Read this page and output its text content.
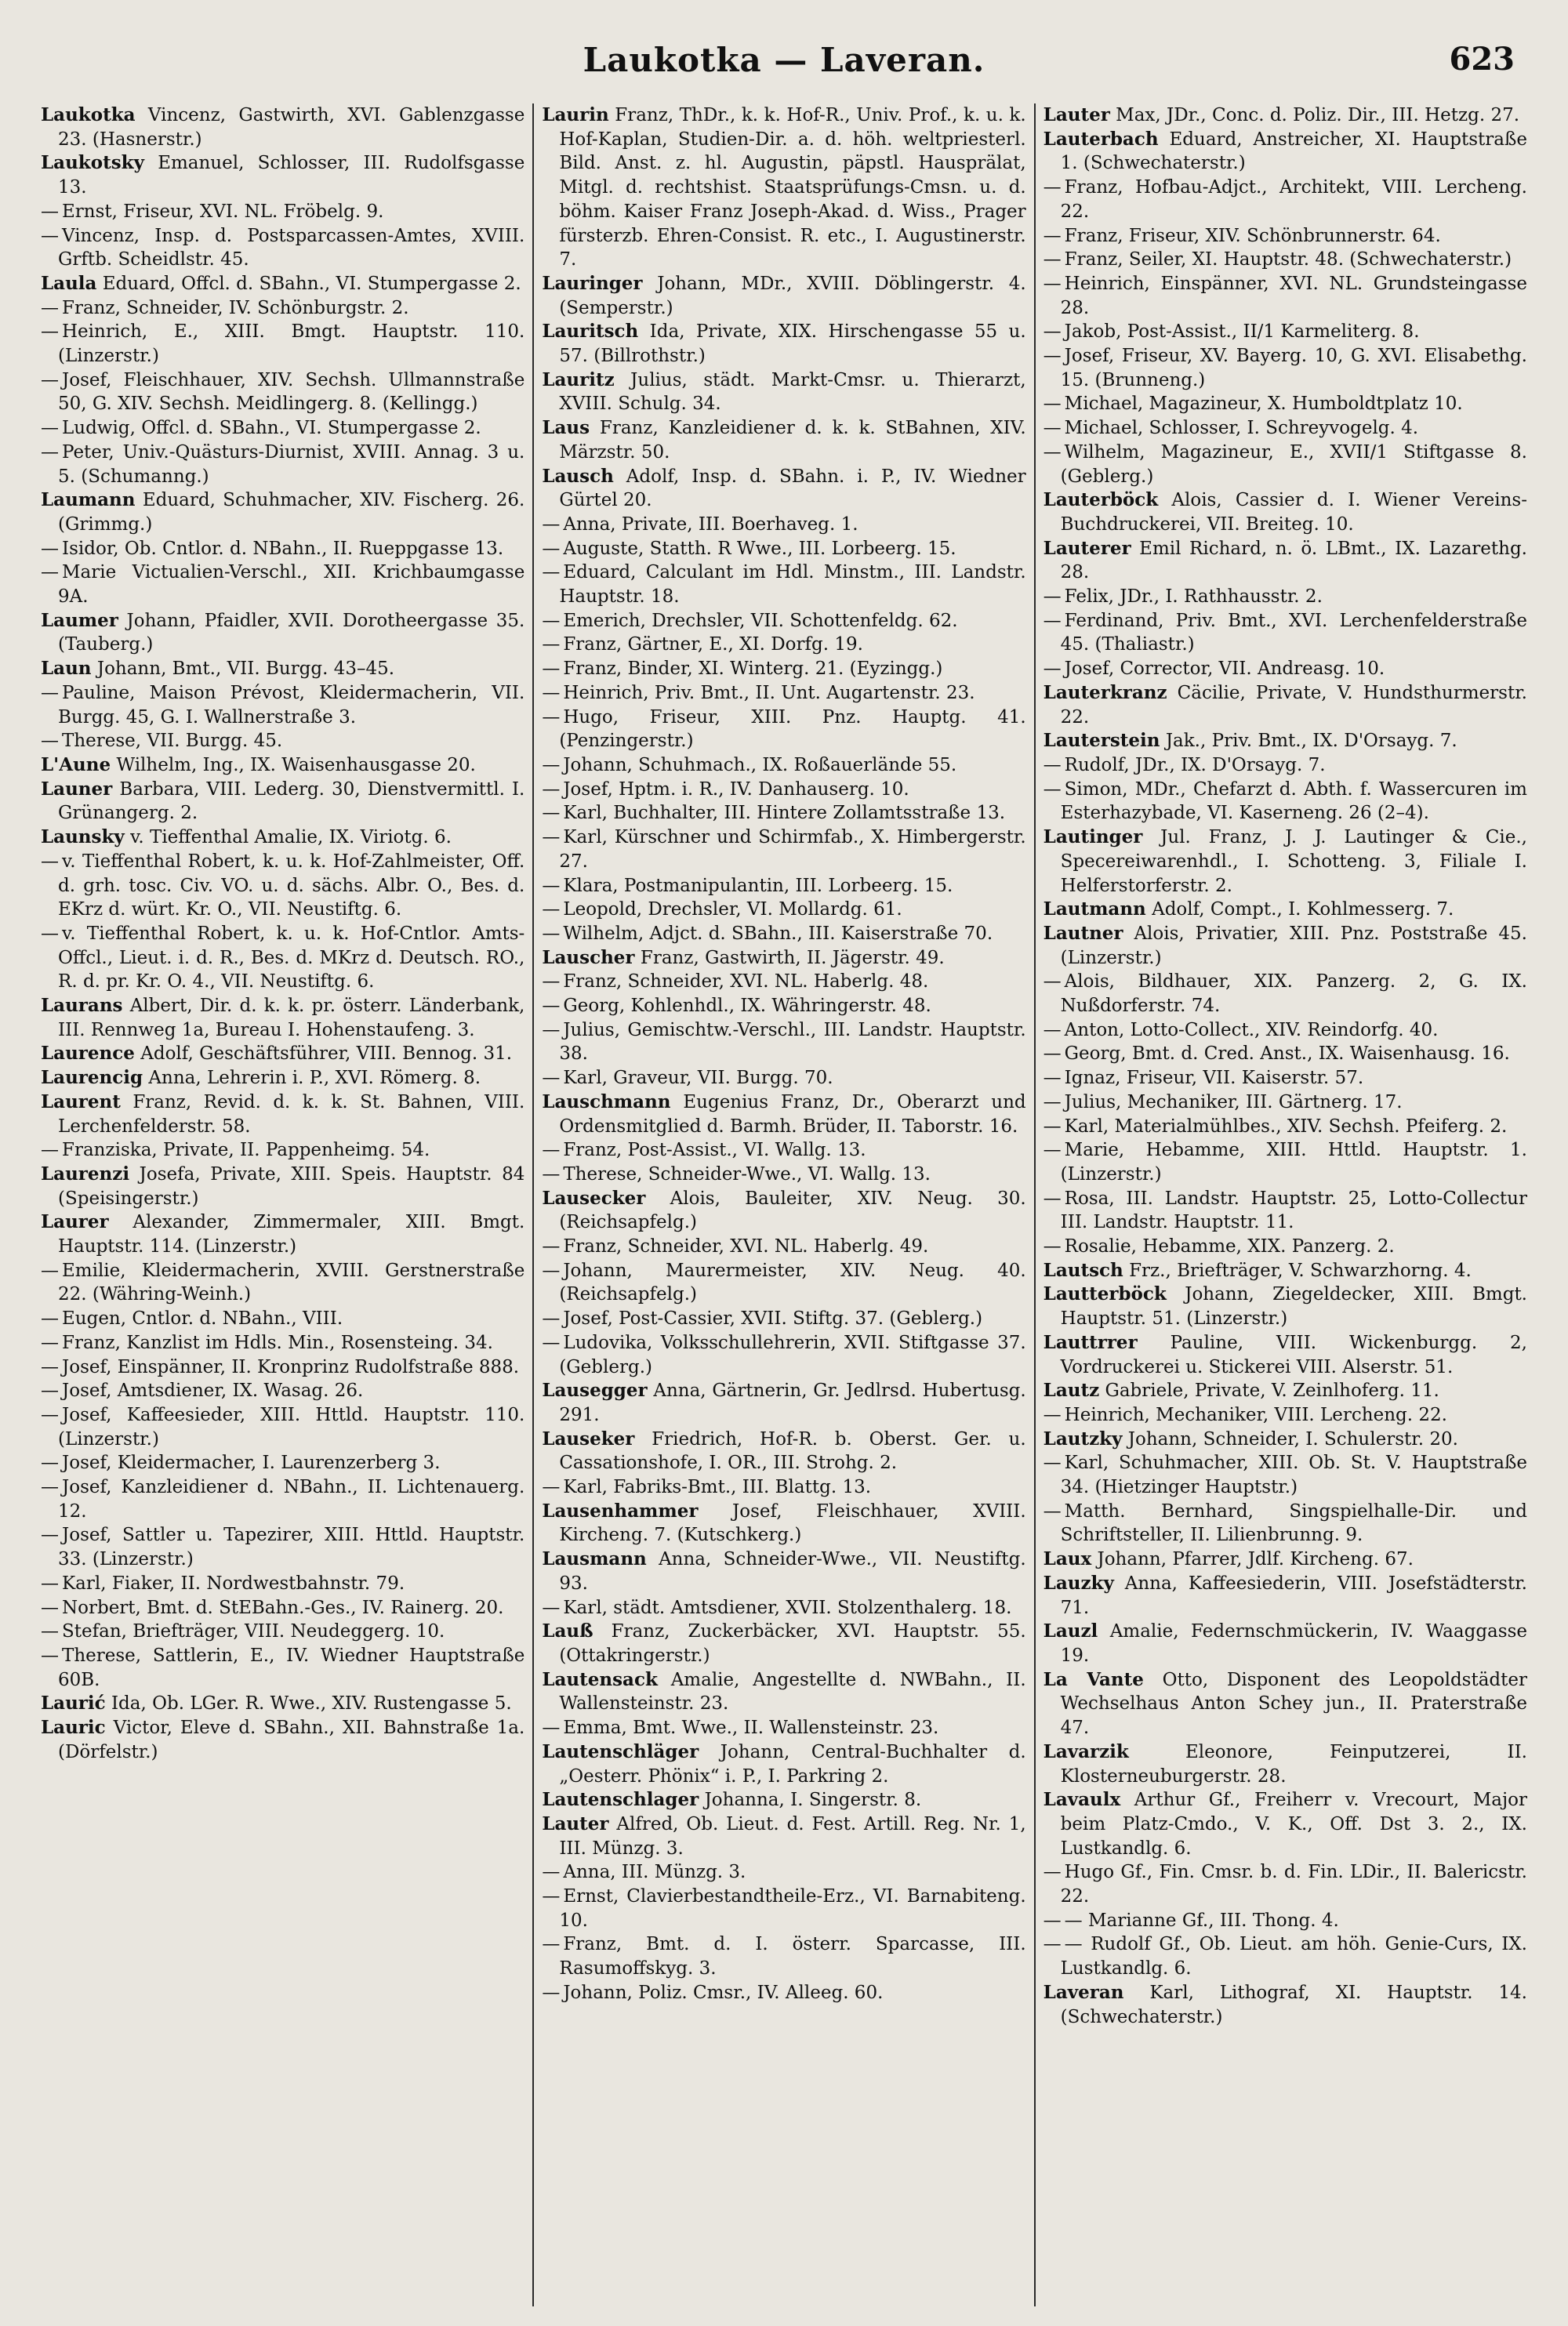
Laukotka — Laveran.	623

Laukotka Vincenz, Gastwirth, XVI. Gablenzgasse 23. (Hasnerstr.)

Laukotsky Emanuel, Schlosser, III. Rudolfsgasse 13.

— Ernst, Friseur, XVI. NL. Fröbelg. 9.

— Vincenz, Insp. d. Postsparcassen-Amtes, XVIII. Grftb. Scheidlstr. 45.

Laula Eduard, Offcl. d. SBahn., VI. Stumpergasse 2.

— Franz, Schneider, IV. Schönburgstr. 2.

— Heinrich, E., XIII. Bmgt. Hauptstr. 110. (Linzerstr.)

— Josef, Fleischhauer, XIV. Sechsh. Ullmannstraße 50, G. XIV. Sechsh. Meidlingerg. 8. (Kellingg.)

— Ludwig, Offcl. d. SBahn., VI. Stumpergasse 2.

— Peter, Univ.-Quästurs-Diurnist, XVIII. Annag. 3 u. 5. (Schumanng.)

Laumann Eduard, Schuhmacher, XIV. Fischerg. 26. (Grimmg.)

— Isidor, Ob. Cntlor. d. NBahn., II. Rueppgasse 13.

— Marie Victualien-Verschl., XII. Krichbaumgasse 9A.

Laumer Johann, Pfaidler, XVII. Dorotheergasse 35. (Tauberg.)

Laun Johann, Bmt., VII. Burgg. 43–45.

— Pauline, Maison Prévost, Kleidermacherin, VII. Burgg. 45, G. I. Wallnerstraße 3.

— Therese, VII. Burgg. 45.

L'Aune Wilhelm, Ing., IX. Waisenhausgasse 20.

Launer Barbara, VIII. Lederg. 30, Dienstvermittl. I. Grünangerg. 2.

Launsky v. Tieffenthal Amalie, IX. Viriotg. 6.

— v. Tieffenthal Robert, k. u. k. Hof-Zahlmeister, Off. d. grh. tosc. Civ. VO. u. d. sächs. Albr. O., Bes. d. EKrz d. würt. Kr. O., VII. Neustiftg. 6.

— v. Tieffenthal Robert, k. u. k. Hof-Cntlor. Amts-Offcl., Lieut. i. d. R., Bes. d. MKrz d. Deutsch. RO., R. d. pr. Kr. O. 4., VII. Neustiftg. 6.

Laurans Albert, Dir. d. k. k. pr. österr. Länderbank, III. Rennweg 1a, Bureau I. Hohenstaufeng. 3.

Laurence Adolf, Geschäftsführer, VIII. Bennog. 31.

Laurencig Anna, Lehrerin i. P., XVI. Römerg. 8.

Laurent Franz, Revid. d. k. k. St. Bahnen, VIII. Lerchenfelderstr. 58.

— Franziska, Private, II. Pappenheimg. 54.

Laurenzi Josefa, Private, XIII. Speis. Hauptstr. 84 (Speisingerstr.)

Laurer Alexander, Zimmermaler, XIII. Bmgt. Hauptstr. 114. (Linzerstr.)

— Emilie, Kleidermacherin, XVIII. Gerstnerstraße 22. (Währing-Weinh.)

— Eugen, Cntlor. d. NBahn., VIII.

— Franz, Kanzlist im Hdls. Min., Rosensteing. 34.

— Josef, Einspänner, II. Kronprinz Rudolfstraße 888.

— Josef, Amtsdiener, IX. Wasag. 26.

— Josef, Kaffeesieder, XIII. Httld. Hauptstr. 110. (Linzerstr.)

— Josef, Kleidermacher, I. Laurenzerberg 3.

— Josef, Kanzleidiener d. NBahn., II. Lichtenauerg. 12.

— Josef, Sattler u. Tapezirer, XIII. Httld. Hauptstr. 33. (Linzerstr.)

— Karl, Fiaker, II. Nordwestbahnstr. 79.

— Norbert, Bmt. d. StEBahn.-Ges., IV. Rainerg. 20.

— Stefan, Briefträger, VIII. Neudeggerg. 10.

— Therese, Sattlerin, E., IV. Wiedner Hauptstraße 60B.

Laurić Ida, Ob. LGer. R. Wwe., XIV. Rustengasse 5.

Lauric Victor, Eleve d. SBahn., XII. Bahnstraße 1a. (Dörfelstr.)

Laurin Franz, ThDr., k. k. Hof-R., Univ. Prof., k. u. k. Hof-Kaplan, Studien-Dir. a. d. höh. weltpriesterl. Bild. Anst. z. hl. Augustin, päpstl. Hausprälat, Mitgl. d. rechtshist. Staatsprüfungs-Cmsn. u. d. böhm. Kaiser Franz Joseph-Akad. d. Wiss., Prager fürsterzb. Ehren-Consist. R. etc., I. Augustinerstr. 7.

Lauringer Johann, MDr., XVIII. Döblingerstr. 4. (Semperstr.)

Lauritsch Ida, Private, XIX. Hirschengasse 55 u. 57. (Billrothstr.)

Lauritz Julius, städt. Markt-Cmsr. u. Thierarzt, XVIII. Schulg. 34.

Laus Franz, Kanzleidiener d. k. k. StBahnen, XIV. Märzstr. 50.

Lausch Adolf, Insp. d. SBahn. i. P., IV. Wiedner Gürtel 20.

— Anna, Private, III. Boerhaveg. 1.

— Auguste, Statth. R Wwe., III. Lorbeerg. 15.

— Eduard, Calculant im Hdl. Minstm., III. Landstr. Hauptstr. 18.

— Emerich, Drechsler, VII. Schottenfeldg. 62.

— Franz, Gärtner, E., XI. Dorfg. 19.

— Franz, Binder, XI. Winterg. 21. (Eyzingg.)

— Heinrich, Priv. Bmt., II. Unt. Augartenstr. 23.

— Hugo, Friseur, XIII. Pnz. Hauptg. 41. (Penzingerstr.)

— Johann, Schuhmach., IX. Roßauerlände 55.

— Josef, Hptm. i. R., IV. Danhauserg. 10.

— Karl, Buchhalter, III. Hintere Zollamtsstraße 13.

— Karl, Kürschner und Schirmfab., X. Himbergerstr. 27.

— Klara, Postmanipulantin, III. Lorbeerg. 15.

— Leopold, Drechsler, VI. Mollardg. 61.

— Wilhelm, Adjct. d. SBahn., III. Kaiserstraße 70.

Lauscher Franz, Gastwirth, II. Jägerstr. 49.

— Franz, Schneider, XVI. NL. Haberlg. 48.

— Georg, Kohlenhdl., IX. Währingerstr. 48.

— Julius, Gemischtw.-Verschl., III. Landstr. Hauptstr. 38.

— Karl, Graveur, VII. Burgg. 70.

Lauschmann Eugenius Franz, Dr., Oberarzt und Ordensmitglied d. Barmh. Brüder, II. Taborstr. 16.

— Franz, Post-Assist., VI. Wallg. 13.

— Therese, Schneider-Wwe., VI. Wallg. 13.

Lausecker Alois, Bauleiter, XIV. Neug. 30. (Reichsapfelg.)

— Franz, Schneider, XVI. NL. Haberlg. 49.

— Johann, Maurermeister, XIV. Neug. 40. (Reichsapfelg.)

— Josef, Post-Cassier, XVII. Stiftg. 37. (Geblerg.)

— Ludovika, Volksschullehrerin, XVII. Stiftgasse 37. (Geblerg.)

Lausegger Anna, Gärtnerin, Gr. Jedlrsd. Hubertusg. 291.

Lauseker Friedrich, Hof-R. b. Oberst. Ger. u. Cassationshofe, I. OR., III. Strohg. 2.

— Karl, Fabriks-Bmt., III. Blattg. 13.

Lausenhammer Josef, Fleischhauer, XVIII. Kircheng. 7. (Kutschkerg.)

Lausmann Anna, Schneider-Wwe., VII. Neustiftg. 93.

— Karl, städt. Amtsdiener, XVII. Stolzenthalerg. 18.

Lauß Franz, Zuckerbäcker, XVI. Hauptstr. 55. (Ottakringerstr.)

Lautensack Amalie, Angestellte d. NWBahn., II. Wallensteinstr. 23.

— Emma, Bmt. Wwe., II. Wallensteinstr. 23.

Lautenschläger Johann, Central-Buchhalter d. „Oesterr. Phönix“ i. P., I. Parkring 2.

Lautenschlager Johanna, I. Singerstr. 8.

Lauter Alfred, Ob. Lieut. d. Fest. Artill. Reg. Nr. 1, III. Münzg. 3.

— Anna, III. Münzg. 3.

— Ernst, Clavierbestandtheile-Erz., VI. Barnabiteng. 10.

— Franz, Bmt. d. I. österr. Sparcasse, III. Rasumoffskyg. 3.

— Johann, Poliz. Cmsr., IV. Alleeg. 60.

Lauter Max, JDr., Conc. d. Poliz. Dir., III. Hetzg. 27.

Lauterbach Eduard, Anstreicher, XI. Hauptstraße 1. (Schwechaterstr.)

— Franz, Hofbau-Adjct., Architekt, VIII. Lercheng. 22.

— Franz, Friseur, XIV. Schönbrunnerstr. 64.

— Franz, Seiler, XI. Hauptstr. 48. (Schwechaterstr.)

— Heinrich, Einspänner, XVI. NL. Grundsteingasse 28.

— Jakob, Post-Assist., II/1 Karmeliterg. 8.

— Josef, Friseur, XV. Bayerg. 10, G. XVI. Elisabethg. 15. (Brunneng.)

— Michael, Magazineur, X. Humboldtplatz 10.

— Michael, Schlosser, I. Schreyvogelg. 4.

— Wilhelm, Magazineur, E., XVII/1 Stiftgasse 8. (Geblerg.)

Lauterböck Alois, Cassier d. I. Wiener Vereins-Buchdruckerei, VII. Breiteg. 10.

Lauterer Emil Richard, n. ö. LBmt., IX. Lazarethg. 28.

— Felix, JDr., I. Rathhausstr. 2.

— Ferdinand, Priv. Bmt., XVI. Lerchenfelderstraße 45. (Thaliastr.)

— Josef, Corrector, VII. Andreasg. 10.

Lauterkranz Cäcilie, Private, V. Hundsthurmerstr. 22.

Lauterstein Jak., Priv. Bmt., IX. D'Orsayg. 7.

— Rudolf, JDr., IX. D'Orsayg. 7.

— Simon, MDr., Chefarzt d. Abth. f. Wassercuren im Esterhazybade, VI. Kaserneng. 26 (2–4).

Lautinger Jul. Franz, J. J. Lautinger & Cie., Specereiwarenhdl., I. Schotteng. 3, Filiale I. Helferstorferstr. 2.

Lautmann Adolf, Compt., I. Kohlmesserg. 7.

Lautner Alois, Privatier, XIII. Pnz. Poststraße 45. (Linzerstr.)

— Alois, Bildhauer, XIX. Panzerg. 2, G. IX. Nußdorferstr. 74.

— Anton, Lotto-Collect., XIV. Reindorfg. 40.

— Georg, Bmt. d. Cred. Anst., IX. Waisenhausg. 16.

— Ignaz, Friseur, VII. Kaiserstr. 57.

— Julius, Mechaniker, III. Gärtnerg. 17.

— Karl, Materialmühlbes., XIV. Sechsh. Pfeiferg. 2.

— Marie, Hebamme, XIII. Httld. Hauptstr. 1. (Linzerstr.)

— Rosa, III. Landstr. Hauptstr. 25, Lotto-Collectur III. Landstr. Hauptstr. 11.

— Rosalie, Hebamme, XIX. Panzerg. 2.

Lautsch Frz., Briefträger, V. Schwarzhorng. 4.

Lautterböck Johann, Ziegeldecker, XIII. Bmgt. Hauptstr. 51. (Linzerstr.)

Lauttrrer Pauline, VIII. Wickenburgg. 2, Vordruckerei u. Stickerei VIII. Alserstr. 51.

Lautz Gabriele, Private, V. Zeinlhoferg. 11.

— Heinrich, Mechaniker, VIII. Lercheng. 22.

Lautzky Johann, Schneider, I. Schulerstr. 20.

— Karl, Schuhmacher, XIII. Ob. St. V. Hauptstraße 34. (Hietzinger Hauptstr.)

— Matth. Bernhard, Singspielhalle-Dir. und Schriftsteller, II. Lilienbrunng. 9.

Laux Johann, Pfarrer, Jdlf. Kircheng. 67.

Lauzky Anna, Kaffeesiederin, VIII. Josefstädterstr. 71.

Lauzl Amalie, Federnschmückerin, IV. Waaggasse 19.

La Vante Otto, Disponent des Leopoldstädter Wechselhaus Anton Schey jun., II. Praterstraße 47.

Lavarzik	Eleonore, Feinputzerei, II. Klosterneuburgerstr. 28.

Lavaulx Arthur Gf., Freiherr v. Vrecourt, Major beim Platz-Cmdo., V. K., Off. Dst 3. 2., IX. Lustkandlg. 6.

— Hugo Gf., Fin. Cmsr. b. d. Fin. LDir., II. Balericstr. 22.

— — Marianne Gf., III. Thong. 4.

— — Rudolf Gf., Ob. Lieut. am höh. Genie-Curs, IX. Lustkandlg. 6.

Laveran Karl, Lithograf, XI. Hauptstr. 14. (Schwechaterstr.)
